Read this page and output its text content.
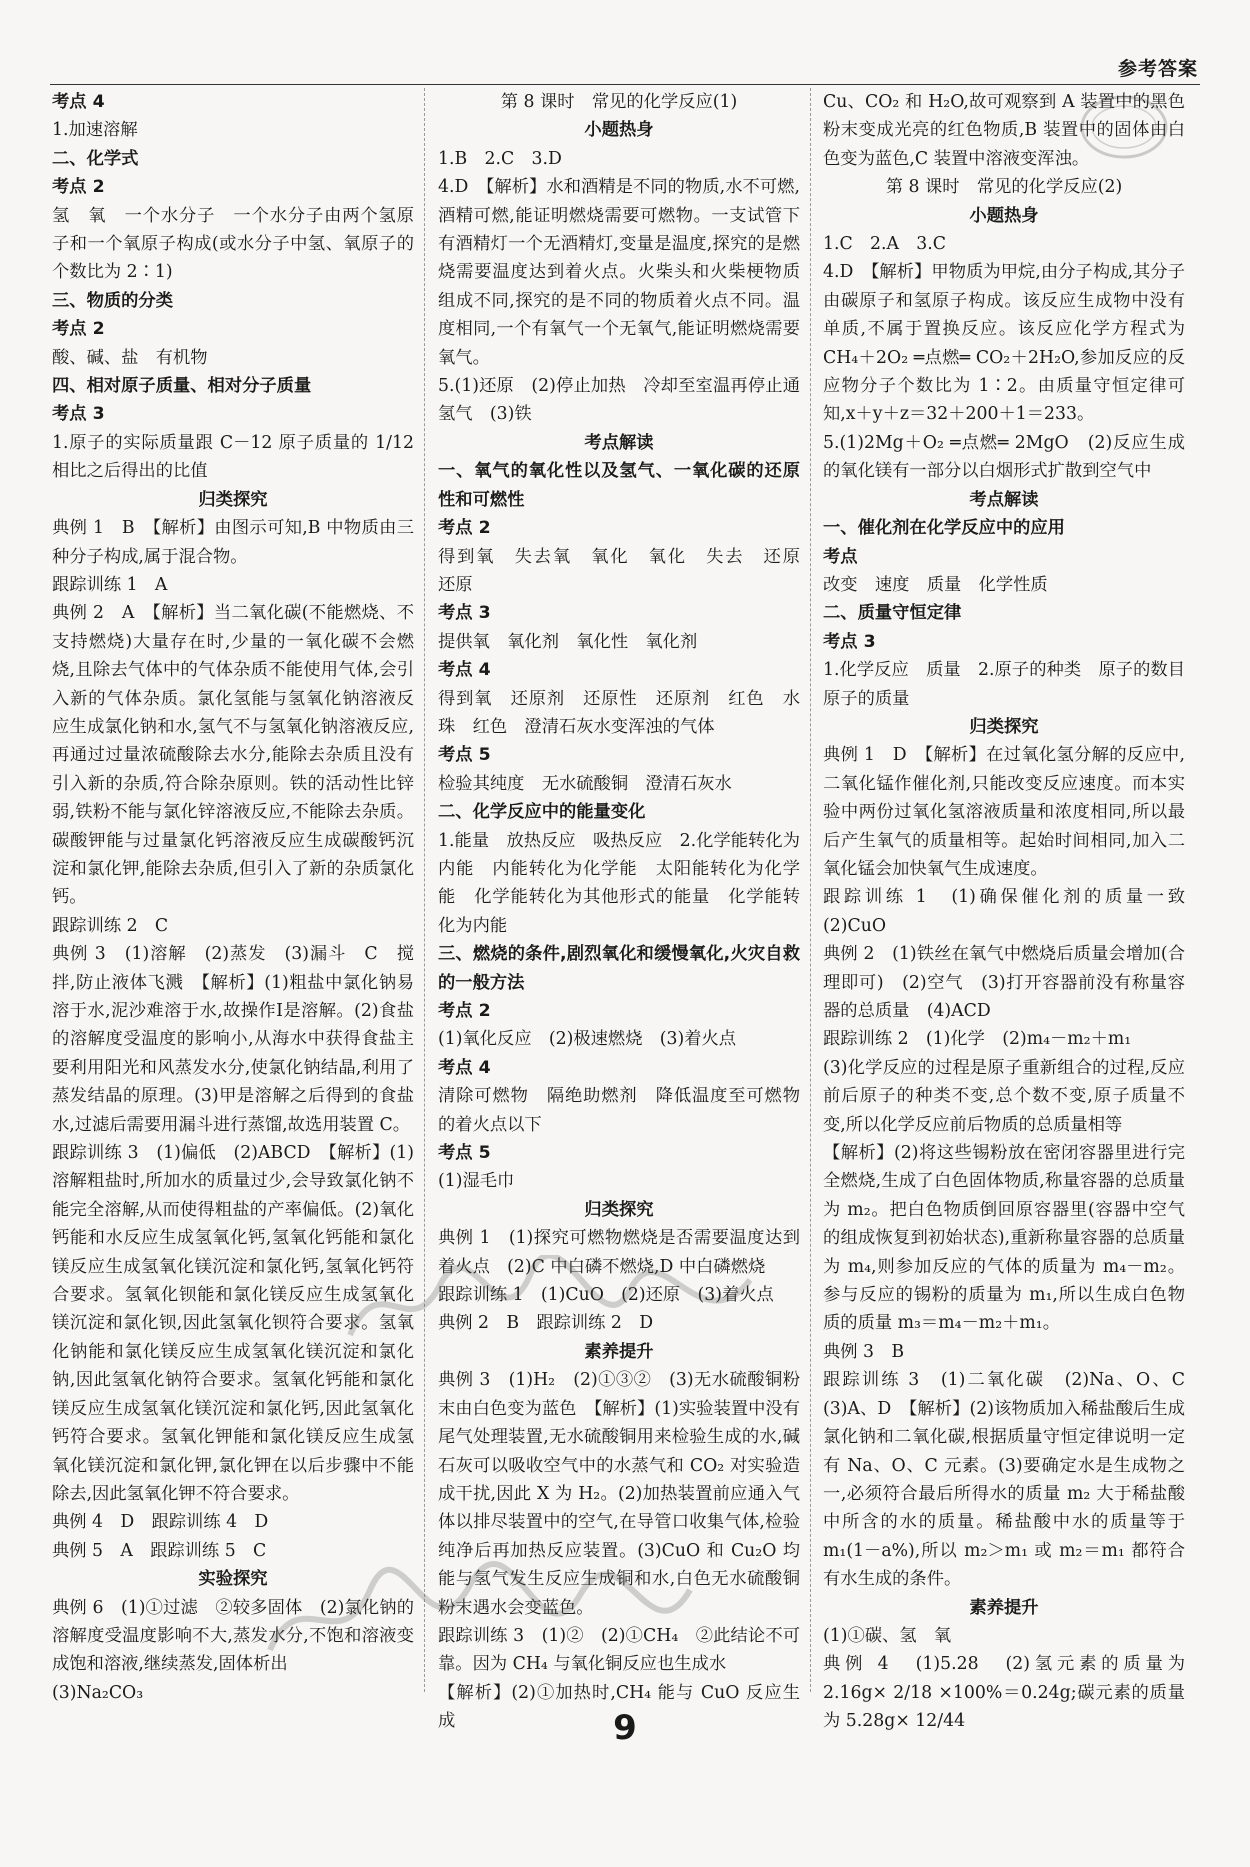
参考答案

考点 4

1.加速溶解

二、化学式

考点 2

氢　氧　一个水分子　一个水分子由两个氢原子和一个氧原子构成(或水分子中氢、氧原子的个数比为 2∶1)

三、物质的分类

考点 2

酸、碱、盐　有机物

四、相对原子质量、相对分子质量

考点 3

1.原子的实际质量跟 C－12 原子质量的 1/12 相比之后得出的比值

归类探究

典例 1　B　【解析】由图示可知,B 中物质由三种分子构成,属于混合物。

跟踪训练 1　A

典例 2　A　【解析】当二氧化碳(不能燃烧、不支持燃烧)大量存在时,少量的一氧化碳不会燃烧,且除去气体中的气体杂质不能使用气体,会引入新的气体杂质。氯化氢能与氢氧化钠溶液反应生成氯化钠和水,氢气不与氢氧化钠溶液反应,再通过过量浓硫酸除去水分,能除去杂质且没有引入新的杂质,符合除杂原则。铁的活动性比锌弱,铁粉不能与氯化锌溶液反应,不能除去杂质。碳酸钾能与过量氯化钙溶液反应生成碳酸钙沉淀和氯化钾,能除去杂质,但引入了新的杂质氯化钙。

跟踪训练 2　C

典例 3　(1)溶解　(2)蒸发　(3)漏斗　C　搅拌,防止液体飞溅　【解析】(1)粗盐中氯化钠易溶于水,泥沙难溶于水,故操作Ⅰ是溶解。(2)食盐的溶解度受温度的影响小,从海水中获得食盐主要利用阳光和风蒸发水分,使氯化钠结晶,利用了蒸发结晶的原理。(3)甲是溶解之后得到的食盐水,过滤后需要用漏斗进行蒸馏,故选用装置 C。

跟踪训练 3　(1)偏低　(2)ABCD　【解析】(1)溶解粗盐时,所加水的质量过少,会导致氯化钠不能完全溶解,从而使得粗盐的产率偏低。(2)氧化钙能和水反应生成氢氧化钙,氢氧化钙能和氯化镁反应生成氢氧化镁沉淀和氯化钙,氢氧化钙符合要求。氢氧化钡能和氯化镁反应生成氢氧化镁沉淀和氯化钡,因此氢氧化钡符合要求。氢氧化钠能和氯化镁反应生成氢氧化镁沉淀和氯化钠,因此氢氧化钠符合要求。氢氧化钙能和氯化镁反应生成氢氧化镁沉淀和氯化钙,因此氢氧化钙符合要求。氢氧化钾能和氯化镁反应生成氢氧化镁沉淀和氯化钾,氯化钾在以后步骤中不能除去,因此氢氧化钾不符合要求。

典例 4　D　跟踪训练 4　D

典例 5　A　跟踪训练 5　C

实验探究

典例 6　(1)①过滤　②较多固体　(2)氯化钠的溶解度受温度影响不大,蒸发水分,不饱和溶液变成饱和溶液,继续蒸发,固体析出

(3)Na₂CO₃

第 8 课时　常见的化学反应(1)

小题热身

1.B　2.C　3.D

4.D　【解析】水和酒精是不同的物质,水不可燃,酒精可燃,能证明燃烧需要可燃物。一支试管下有酒精灯一个无酒精灯,变量是温度,探究的是燃烧需要温度达到着火点。火柴头和火柴梗物质组成不同,探究的是不同的物质着火点不同。温度相同,一个有氧气一个无氧气,能证明燃烧需要氧气。

5.(1)还原　(2)停止加热　冷却至室温再停止通氢气　(3)铁

考点解读

一、氧气的氧化性以及氢气、一氧化碳的还原性和可燃性

考点 2

得到氧　失去氧　氧化　氧化　失去　还原　还原

考点 3

提供氧　氧化剂　氧化性　氧化剂

考点 4

得到氧　还原剂　还原性　还原剂　红色　水珠　红色　澄清石灰水变浑浊的气体

考点 5

检验其纯度　无水硫酸铜　澄清石灰水

二、化学反应中的能量变化

1.能量　放热反应　吸热反应　2.化学能转化为内能　内能转化为化学能　太阳能转化为化学能　化学能转化为其他形式的能量　化学能转化为内能

三、燃烧的条件,剧烈氧化和缓慢氧化,火灾自救的一般方法

考点 2

(1)氧化反应　(2)极速燃烧　(3)着火点

考点 4

清除可燃物　隔绝助燃剂　降低温度至可燃物的着火点以下

考点 5

(1)湿毛巾

归类探究

典例 1　(1)探究可燃物燃烧是否需要温度达到着火点　(2)C 中白磷不燃烧,D 中白磷燃烧

跟踪训练 1　(1)CuO　(2)还原　(3)着火点

典例 2　B　跟踪训练 2　D

素养提升

典例 3　(1)H₂　(2)①③②　(3)无水硫酸铜粉末由白色变为蓝色　【解析】(1)实验装置中没有尾气处理装置,无水硫酸铜用来检验生成的水,碱石灰可以吸收空气中的水蒸气和 CO₂ 对实验造成干扰,因此 X 为 H₂。(2)加热装置前应通入气体以排尽装置中的空气,在导管口收集气体,检验纯净后再加热反应装置。(3)CuO 和 Cu₂O 均能与氢气发生反应生成铜和水,白色无水硫酸铜粉末遇水会变蓝色。

跟踪训练 3　(1)②　(2)①CH₄　②此结论不可靠。因为 CH₄ 与氧化铜反应也生成水

【解析】(2)①加热时,CH₄ 能与 CuO 反应生成

Cu、CO₂ 和 H₂O,故可观察到 A 装置中的黑色粉末变成光亮的红色物质,B 装置中的固体由白色变为蓝色,C 装置中溶液变浑浊。

第 8 课时　常见的化学反应(2)

小题热身

1.C　2.A　3.C

4.D　【解析】甲物质为甲烷,由分子构成,其分子由碳原子和氢原子构成。该反应生成物中没有单质,不属于置换反应。该反应化学方程式为 CH₄＋2O₂ ═点燃═ CO₂＋2H₂O,参加反应的反应物分子个数比为 1∶2。由质量守恒定律可知,x＋y＋z＝32＋200＋1＝233。

5.(1)2Mg＋O₂ ═点燃═ 2MgO　(2)反应生成的氧化镁有一部分以白烟形式扩散到空气中

考点解读

一、催化剂在化学反应中的应用

考点

改变　速度　质量　化学性质

二、质量守恒定律

考点 3

1.化学反应　质量　2.原子的种类　原子的数目　原子的质量

归类探究

典例 1　D　【解析】在过氧化氢分解的反应中,二氧化锰作催化剂,只能改变反应速度。而本实验中两份过氧化氢溶液质量和浓度相同,所以最后产生氧气的质量相等。起始时间相同,加入二氧化锰会加快氧气生成速度。

跟踪训练 1　(1)确保催化剂的质量一致　(2)CuO

典例 2　(1)铁丝在氧气中燃烧后质量会增加(合理即可)　(2)空气　(3)打开容器前没有称量容器的总质量　(4)ACD

跟踪训练 2　(1)化学　(2)m₄－m₂＋m₁

(3)化学反应的过程是原子重新组合的过程,反应前后原子的种类不变,总个数不变,原子质量不变,所以化学反应前后物质的总质量相等

【解析】(2)将这些锡粉放在密闭容器里进行完全燃烧,生成了白色固体物质,称量容器的总质量为 m₂。把白色物质倒回原容器里(容器中空气的组成恢复到初始状态),重新称量容器的总质量为 m₄,则参加反应的气体的质量为 m₄－m₂。参与反应的锡粉的质量为 m₁,所以生成白色物质的质量 m₃＝m₄－m₂＋m₁。

典例 3　B

跟踪训练 3　(1)二氧化碳　(2)Na、O、C　(3)A、D　【解析】(2)该物质加入稀盐酸后生成氯化钠和二氧化碳,根据质量守恒定律说明一定有 Na、O、C 元素。(3)要确定水是生成物之一,必须符合最后所得水的质量 m₂ 大于稀盐酸中所含的水的质量。稀盐酸中水的质量等于 m₁(1－a%),所以 m₂＞m₁ 或 m₂＝m₁ 都符合有水生成的条件。

素养提升

(1)①碳、氢　氧

典例 4　(1)5.28　(2)氢元素的质量为 2.16g× 2/18 ×100%＝0.24g;碳元素的质量为 5.28g× 12/44

9
